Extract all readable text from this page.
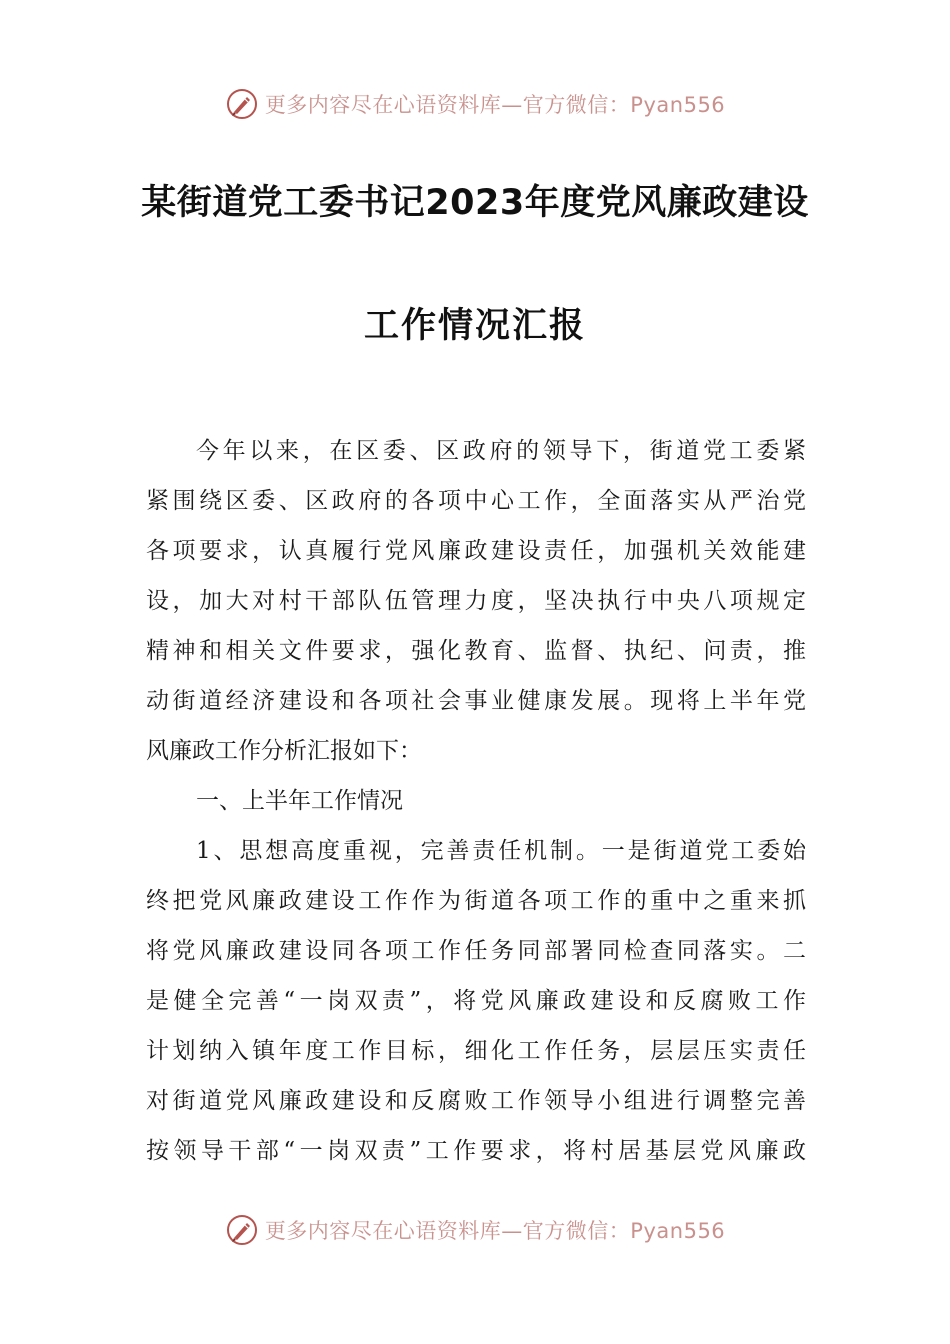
更多内容尽在心语资料库—官方微信：Pyan556
某街道党工委书记2023年度党风廉政建设
工作情况汇报
今年以来，在区委、区政府的领导下，街道党工委紧
紧围绕区委、区政府的各项中心工作，全面落实从严治党
各项要求，认真履行党风廉政建设责任，加强机关效能建
设，加大对村干部队伍管理力度，坚决执行中央八项规定
精神和相关文件要求，强化教育、监督、执纪、问责，推
动街道经济建设和各项社会事业健康发展。现将上半年党
风廉政工作分析汇报如下：
一、上半年工作情况
1、思想高度重视，完善责任机制。一是街道党工委始
终把党风廉政建设工作作为街道各项工作的重中之重来抓
将党风廉政建设同各项工作任务同部署同检查同落实。二
是健全完善“一岗双责”，将党风廉政建设和反腐败工作
计划纳入镇年度工作目标，细化工作任务，层层压实责任
对街道党风廉政建设和反腐败工作领导小组进行调整完善
按领导干部“一岗双责”工作要求，将村居基层党风廉政
更多内容尽在心语资料库—官方微信：Pyan556
